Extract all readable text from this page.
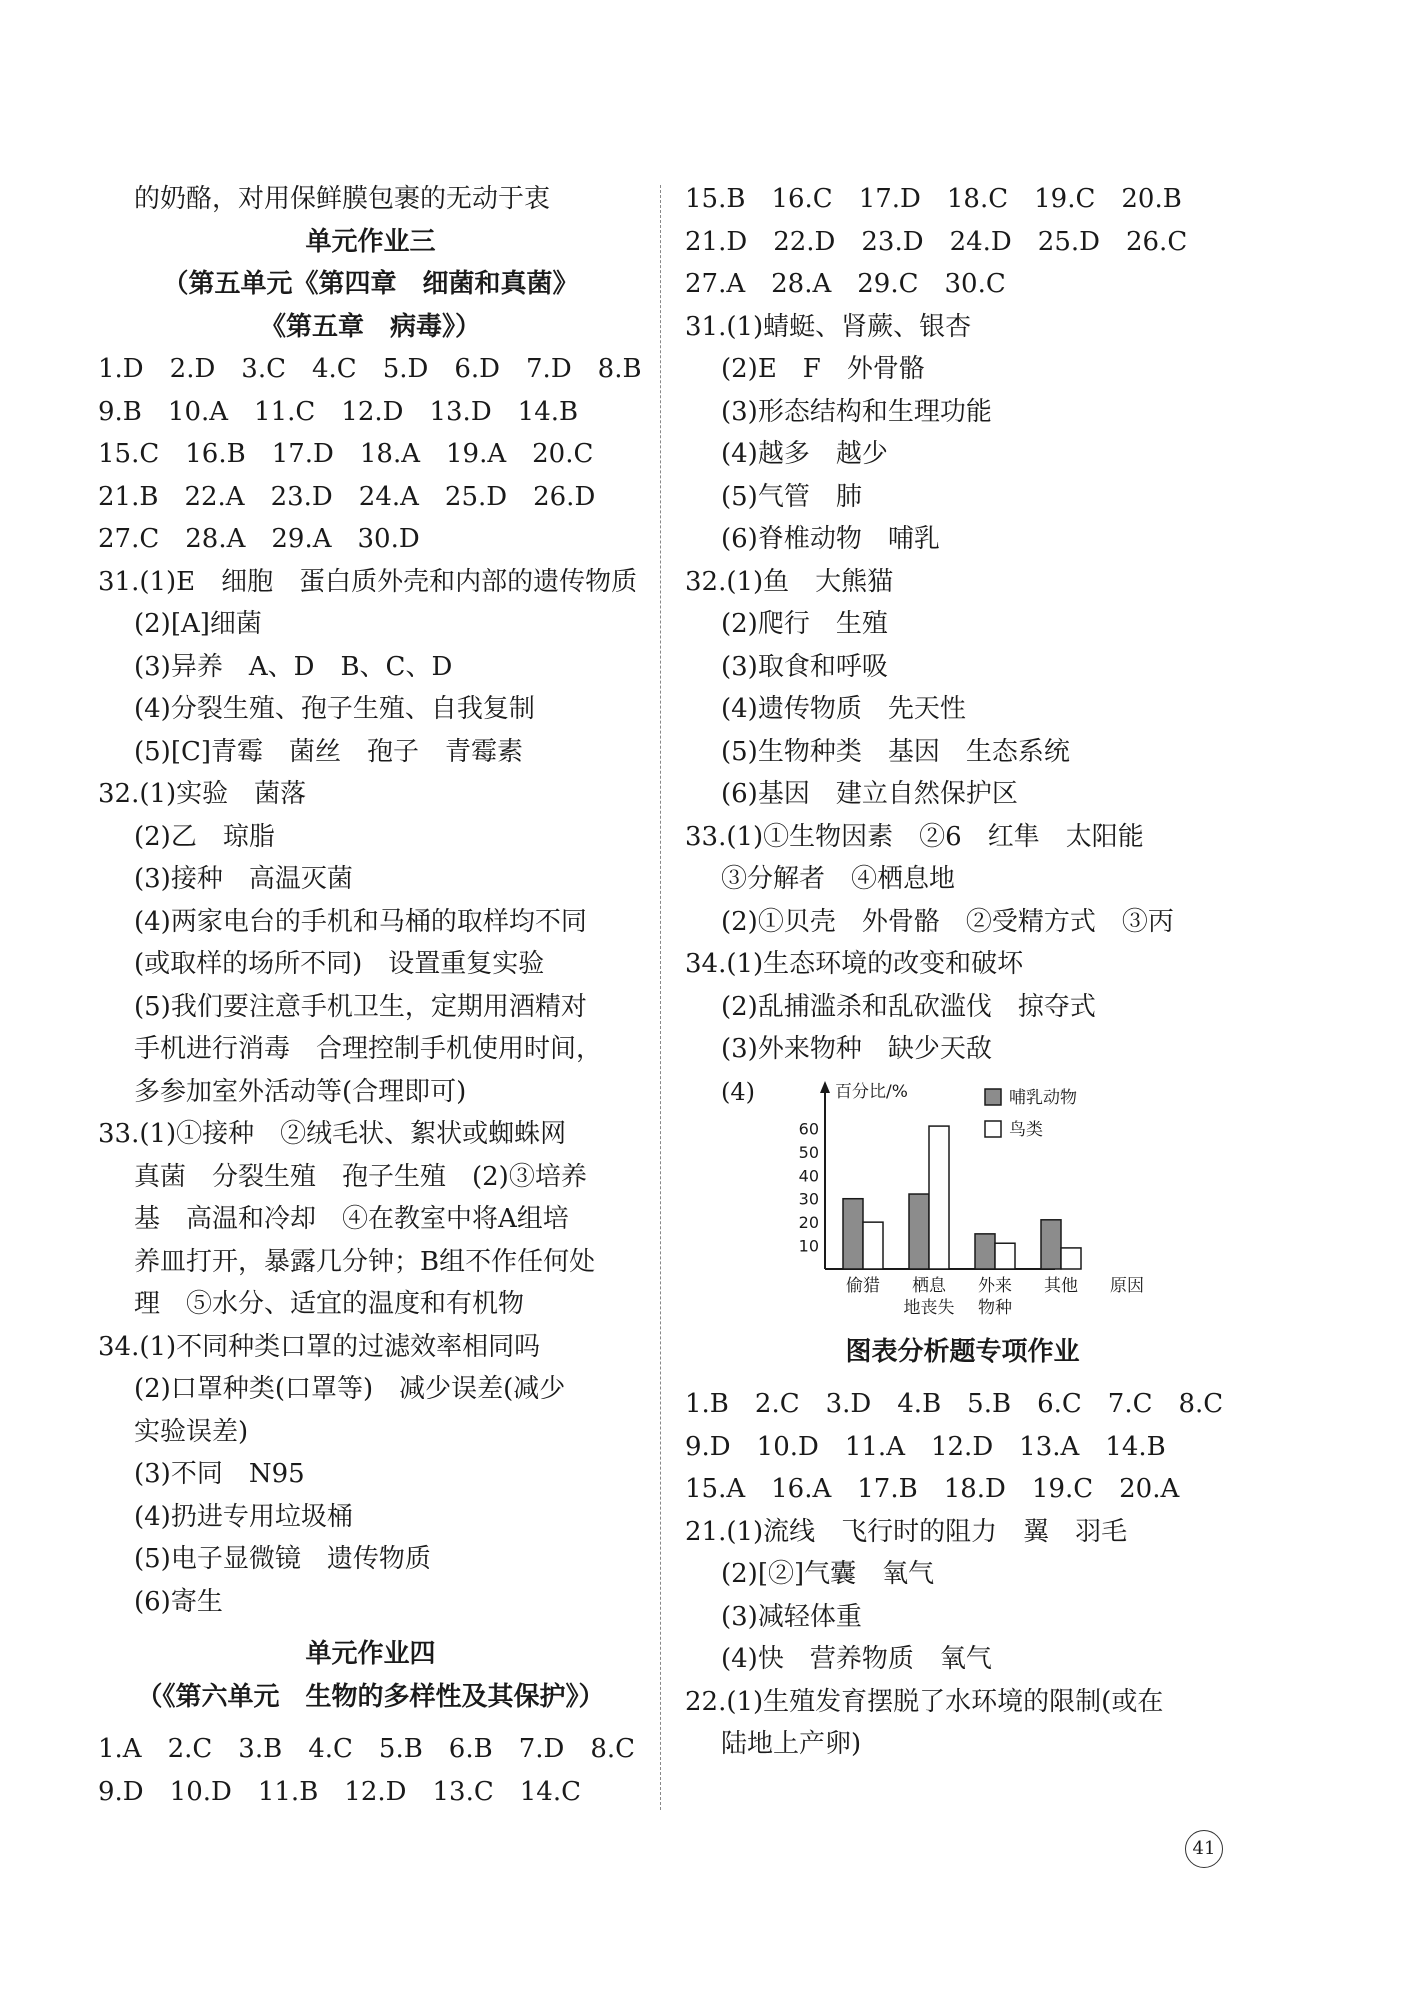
的奶酪，对用保鲜膜包裹的无动于衷
单元作业三
（第五单元《第四章　细菌和真菌》
《第五章　病毒》）
1.D　2.D　3.C　4.C　5.D　6.D　7.D　8.B
9.B　10.A　11.C　12.D　13.D　14.B
15.C　16.B　17.D　18.A　19.A　20.C
21.B　22.A　23.D　24.A　25.D　26.D
27.C　28.A　29.A　30.D
31.(1)E　细胞　蛋白质外壳和内部的遗传物质
(2)[A]细菌
(3)异养　A、D　B、C、D
(4)分裂生殖、孢子生殖、自我复制
(5)[C]青霉　菌丝　孢子　青霉素
32.(1)实验　菌落
(2)乙　琼脂
(3)接种　高温灭菌
(4)两家电台的手机和马桶的取样均不同
(或取样的场所不同)　设置重复实验
(5)我们要注意手机卫生，定期用酒精对
手机进行消毒　合理控制手机使用时间，
多参加室外活动等(合理即可)
33.(1)①接种　②绒毛状、絮状或蜘蛛网
真菌　分裂生殖　孢子生殖　(2)③培养
基　高温和冷却　④在教室中将A组培
养皿打开，暴露几分钟；B组不作任何处
理　⑤水分、适宜的温度和有机物
34.(1)不同种类口罩的过滤效率相同吗
(2)口罩种类(口罩等)　减少误差(减少
实验误差)
(3)不同　N95
(4)扔进专用垃圾桶
(5)电子显微镜　遗传物质
(6)寄生
单元作业四
（《第六单元　生物的多样性及其保护》）
1.A　2.C　3.B　4.C　5.B　6.B　7.D　8.C
9.D　10.D　11.B　12.D　13.C　14.C
15.B　16.C　17.D　18.C　19.C　20.B
21.D　22.D　23.D　24.D　25.D　26.C
27.A　28.A　29.C　30.C
31.(1)蜻蜓、肾蕨、银杏
(2)E　F　外骨骼
(3)形态结构和生理功能
(4)越多　越少
(5)气管　肺
(6)脊椎动物　哺乳
32.(1)鱼　大熊猫
(2)爬行　生殖
(3)取食和呼吸
(4)遗传物质　先天性
(5)生物种类　基因　生态系统
(6)基因　建立自然保护区
33.(1)①生物因素　②6　红隼　太阳能
③分解者　④栖息地
(2)①贝壳　外骨骼　②受精方式　③丙
34.(1)生态环境的改变和破坏
(2)乱捕滥杀和乱砍滥伐　掠夺式
(3)外来物种　缺少天敌
(4)	百分比/%
10
20
30
40
50
60
偷猎 栖息
地丧失
外来
物种
其他 原因
哺乳动物
鸟类
图表分析题专项作业
1.B　2.C　3.D　4.B　5.B　6.C　7.C　8.C
9.D　10.D　11.A　12.D　13.A　14.B
15.A　16.A　17.B　18.D　19.C　20.A
21.(1)流线　飞行时的阻力　翼　羽毛
(2)[②]气囊　氧气
(3)减轻体重
(4)快　营养物质　氧气
22.(1)生殖发育摆脱了水环境的限制(或在
陆地上产卵)
41
